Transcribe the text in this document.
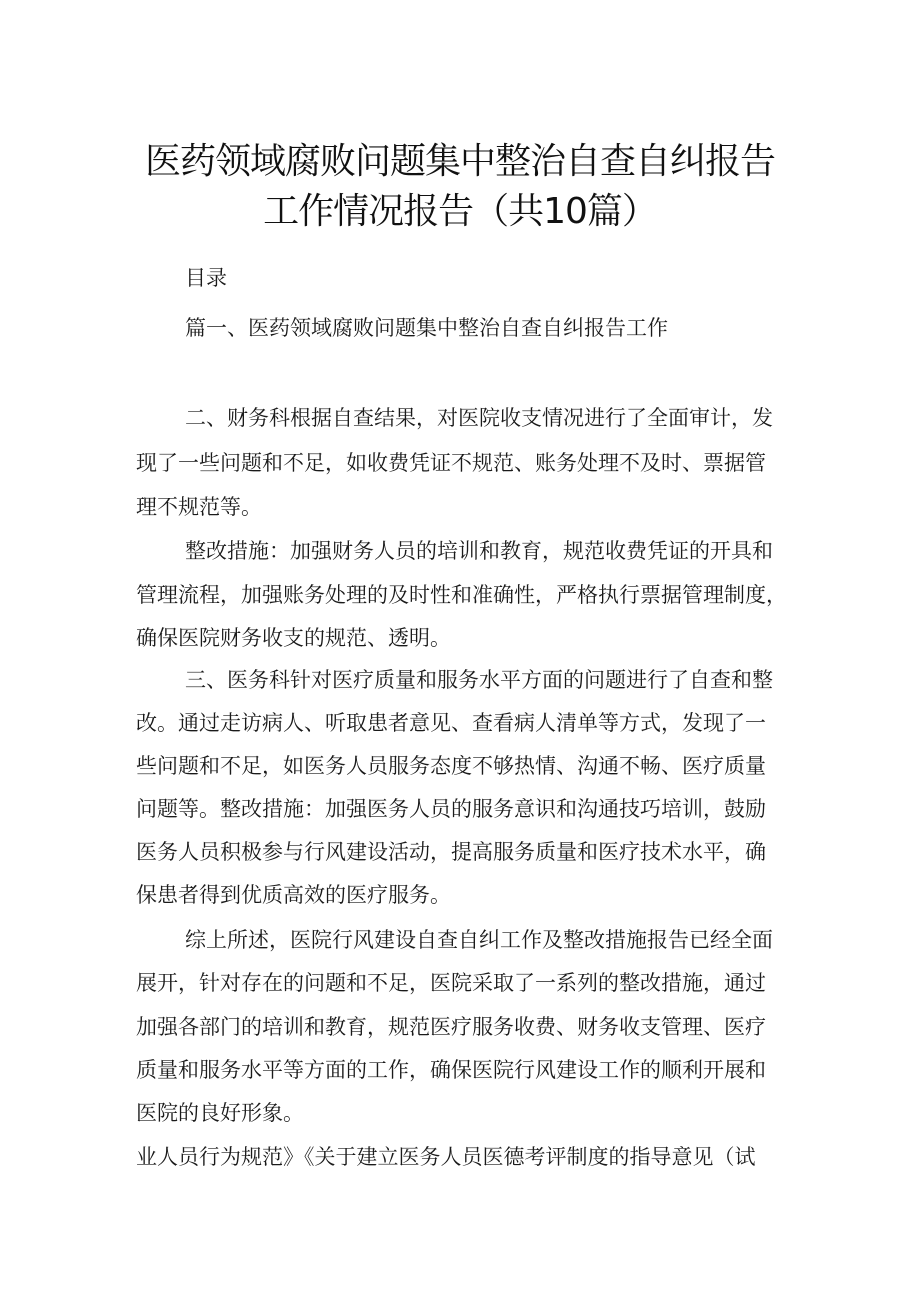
医药领域腐败问题集中整治自查自纠报告
工作情况报告（共10篇）
目录
篇一、医药领域腐败问题集中整治自查自纠报告工作
二、财务科根据自查结果，对医院收支情况进行了全面审计，发
现了一些问题和不足，如收费凭证不规范、账务处理不及时、票据管
理不规范等。
整改措施：加强财务人员的培训和教育，规范收费凭证的开具和
管理流程，加强账务处理的及时性和准确性，严格执行票据管理制度，
确保医院财务收支的规范、透明。
三、医务科针对医疗质量和服务水平方面的问题进行了自查和整
改。通过走访病人、听取患者意见、查看病人清单等方式，发现了一
些问题和不足，如医务人员服务态度不够热情、沟通不畅、医疗质量
问题等。整改措施：加强医务人员的服务意识和沟通技巧培训，鼓励
医务人员积极参与行风建设活动，提高服务质量和医疗技术水平，确
保患者得到优质高效的医疗服务。
综上所述，医院行风建设自查自纠工作及整改措施报告已经全面
展开，针对存在的问题和不足，医院采取了一系列的整改措施，通过
加强各部门的培训和教育，规范医疗服务收费、财务收支管理、医疗
质量和服务水平等方面的工作，确保医院行风建设工作的顺利开展和
医院的良好形象。
业人员行为规范》《关于建立医务人员医德考评制度的指导意见（试
